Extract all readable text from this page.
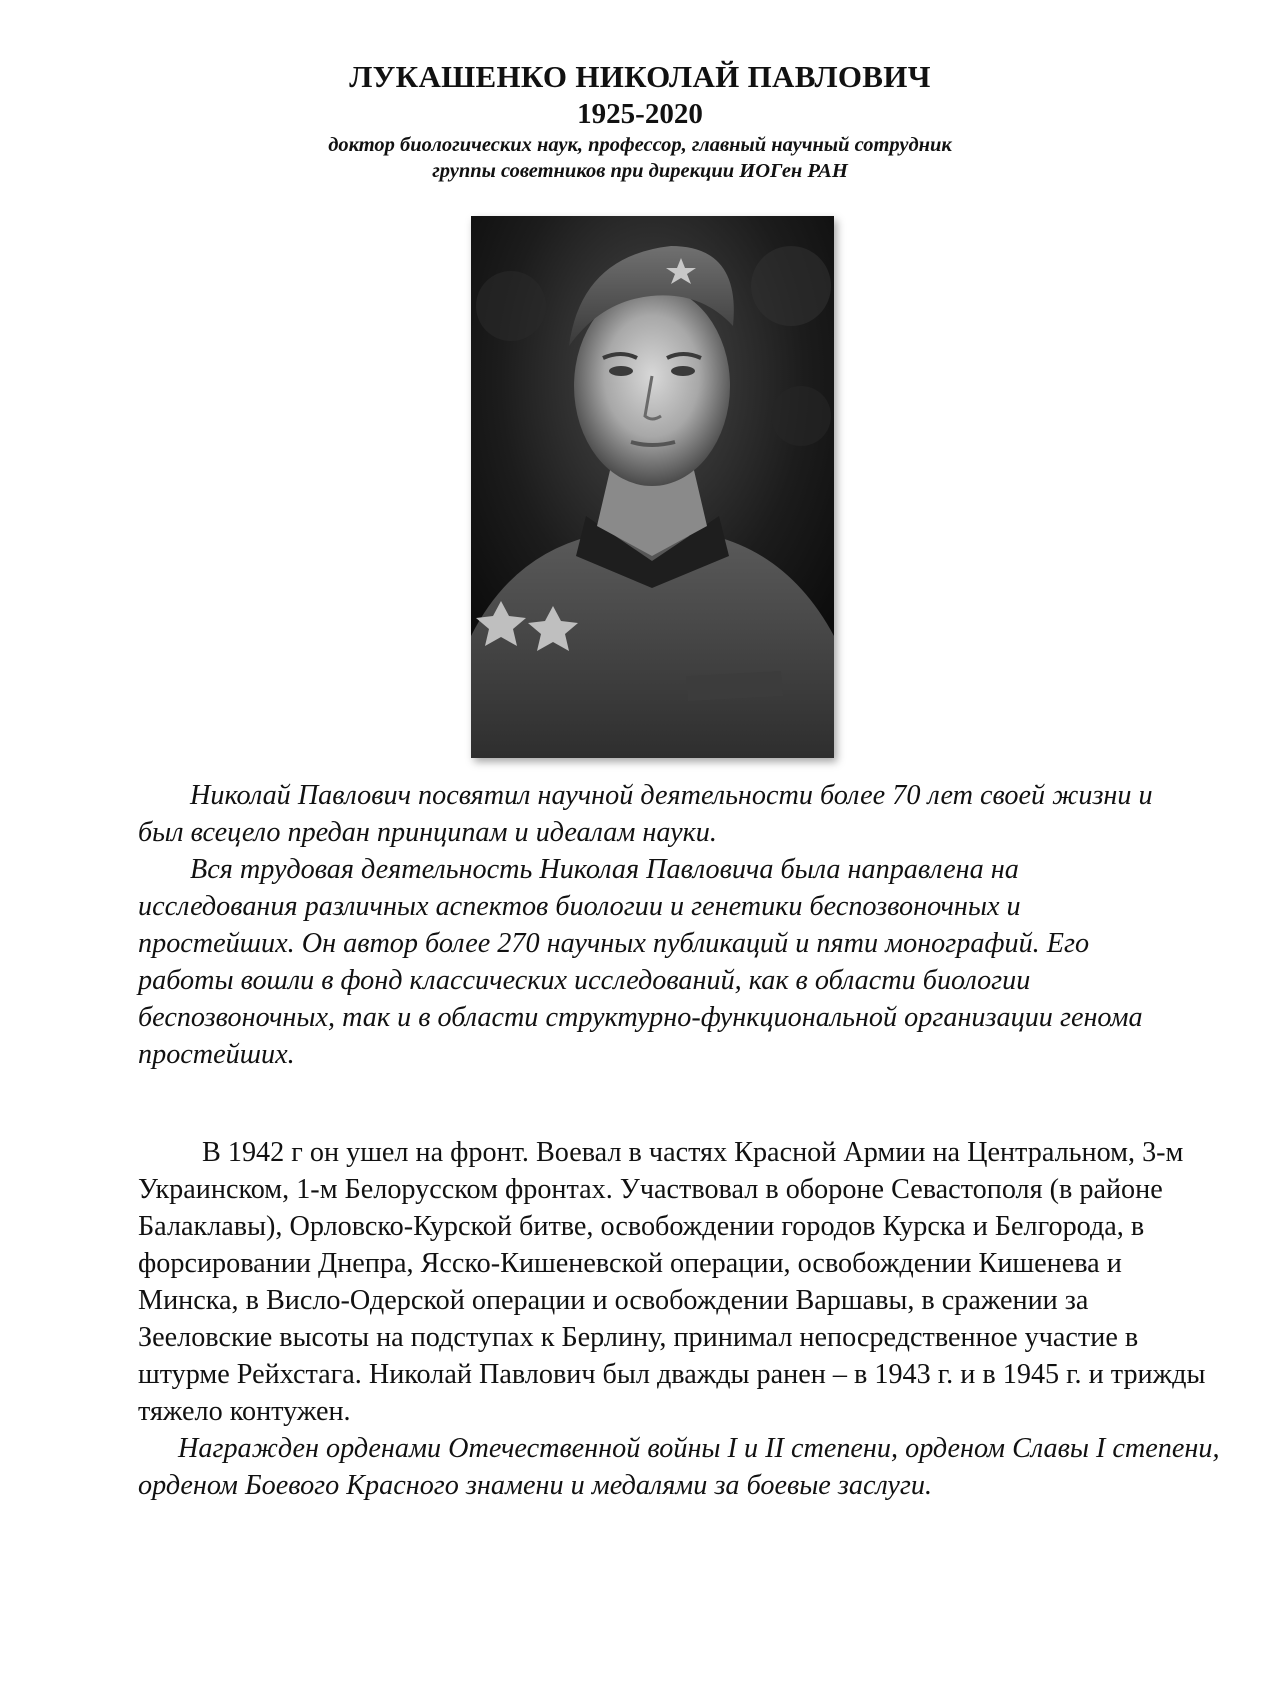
ЛУКАШЕНКО НИКОЛАЙ ПАВЛОВИЧ

1925-2020

доктор биологических наук, профессор, главный научный сотрудник

группы советников при дирекции ИОГен РАН

Николай Павлович посвятил научной деятельности более 70 лет своей жизни и был всецело предан принципам и идеалам науки.

Вся трудовая деятельность Николая Павловича была направлена на исследования различных аспектов биологии и генетики беспозвоночных и простейших. Он автор более 270 научных публикаций и пяти монографий. Его работы вошли в фонд классических исследований, как в области биологии беспозвоночных, так и в области структурно-функциональной организации генома простейших.

В 1942 г он ушел на фронт. Воевал в частях Красной Армии на Центральном, 3-м Украинском, 1-м Белорусском фронтах. Участвовал в обороне Севастополя (в районе Балаклавы), Орловско-Курской битве, освобождении городов Курска и Белгорода, в форсировании Днепра, Ясско-Кишеневской операции, освобождении Кишенева и Минска, в Висло-Одерской операции и освобождении Варшавы, в сражении за Зееловские высоты на подступах к Берлину, принимал непосредственное участие в штурме Рейхстага. Николай Павлович был дважды ранен – в 1943 г. и в 1945 г. и трижды тяжело контужен.

Награжден орденами Отечественной войны I и II степени, орденом Славы I степени, орденом Боевого Красного знамени и медалями за боевые заслуги.
